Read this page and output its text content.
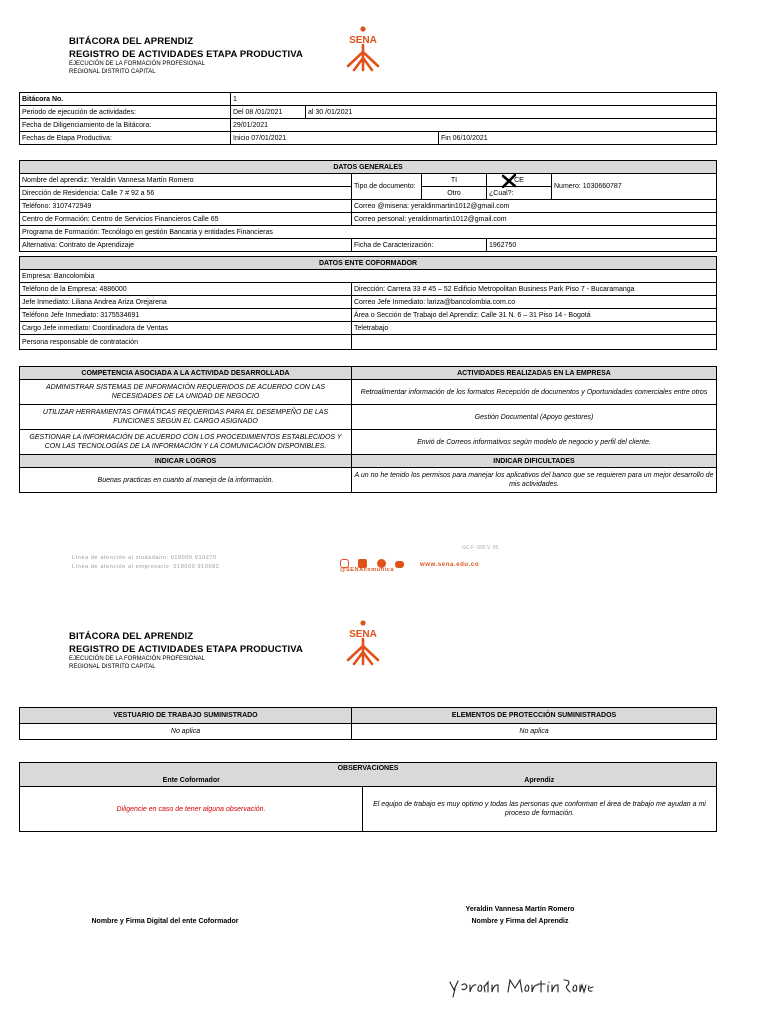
BITÁCORA DEL APRENDIZ
REGISTRO DE ACTIVIDADES ETAPA PRODUCTIVA
EJECUCIÓN DE LA FORMACIÓN PROFESIONAL
REGIONAL DISTRITO CAPITAL
SENA
Bitácora No.	1		
Periodo de ejecución de actividades:	Del 08 /01/2021	al 30 /01/2021	
Fecha de Diligenciamiento de la Bitácora:	29/01/2021		
Fechas de Etapa Productiva:	Inicio 07/01/2021		Fin 06/10/2021
DATOS GENERALES				
Nombre del aprendiz: Yeraldin Vannesa Martín Romero	Tipo de documento:	TI	CE	Numero: 1030660787
Dirección de Residencia: Calle 7 # 92 a 56		Otro	¿Cual?:	
Teléfono: 3107472949	Correo @misena: yeraldinmartin1012@gmail.com			
Centro de Formación: Centro de Servicios Financieros Calle 65	Correo personal: yeraldinmartin1012@gmail.com			
Programa de Formación: Tecnólogo en gestión Bancaria y entidades Financieras				
Alternativa: Contrato de Aprendizaje	Ficha de Caracterización:		1962750	
DATOS ENTE COFORMADOR	
Empresa: Bancolombia	
Teléfono de la Empresa: 4886000	Dirección: Carrera 33 # 45 – 52 Edificio Metropolitan Business Park Piso 7 - Bucaramanga
Jefe Inmediato: Liliana Andrea Ariza Orejarena	Correo Jefe Inmediato: lariza@bancolombia.com.co
Teléfono Jefe Inmediato: 3175534691	Área o Sección de Trabajo del Aprendiz: Calle 31 N. 6 – 31 Piso 14 - Bogotá
Cargo Jefe inmediato: Coordinadora de Ventas	Teletrabajo
Persona responsable de contratación	
COMPETENCIA ASOCIADA A LA ACTIVIDAD DESARROLLADA	ACTIVIDADES REALIZADAS EN LA EMPRESA
ADMINISTRAR SISTEMAS DE INFORMACIÓN REQUERIDOS DE ACUERDO CON LAS NECESIDADES DE LA UNIDAD DE NEGOCIO	Retroalimentar información de los formatos Recepción de documentos y Oportunidades comerciales entre otros
UTILIZAR HERRAMIENTAS OFIMÁTICAS REQUERIDAS PARA EL DESEMPEÑO DE LAS FUNCIONES SEGÚN EL CARGO ASIGNADO	Gestión Documental (Apoyo gestores)
GESTIONAR LA INFORMACIÓN DE ACUERDO CON LOS PROCEDIMIENTOS ESTABLECIDOS Y CON LAS TECNOLOGÍAS DE LA INFORMACIÓN Y LA COMUNICACIÓN DISPONIBLES.	Envió de Correos informativos según modelo de negocio y perfil del cliente.
INDICAR LOGROS	INDICAR DIFICULTADES
Buenas practicas en cuanto al manejo de la información.	A un no he tenido los permisos para manejar los aplicativos del banco que se requieren para un mejor desarrollo de mis actividades.
GC-F -005 V. 05
Línea de atención al ciudadano: 018000 910270
Línea de atención al empresario: 018000 910682
	@SENAcomunica
www.sena.edu.co
BITÁCORA DEL APRENDIZ
REGISTRO DE ACTIVIDADES ETAPA PRODUCTIVA
EJECUCIÓN DE LA FORMACIÓN PROFESIONAL
REGIONAL DISTRITO CAPITAL
SENA
VESTUARIO DE TRABAJO SUMINISTRADO	ELEMENTOS DE PROTECCIÓN SUMINISTRADOS
No aplica	No aplica
OBSERVACIONES	
Ente Coformador	Aprendiz
Diligencie en caso de tener alguna observación.	El equipo de trabajo es muy optimo y todas las personas que conforman el área de trabajo me ayudan a mi proceso de formación.
Nombre y Firma Digital del ente Coformador
Yeraldin Vannesa Martín Romero
Nombre y Firma del Aprendiz
